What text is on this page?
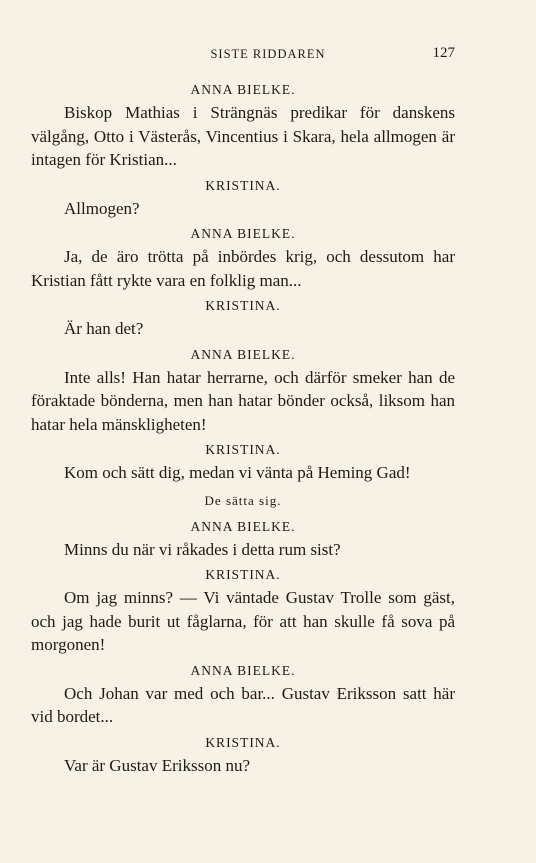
SISTE RIDDAREN	127
ANNA BIELKE.

Biskop Mathias i Strängnäs predikar för danskens välgång, Otto i Västerås, Vincentius i Skara, hela allmogen är intagen för Kristian...

KRISTINA.

Allmogen?

ANNA BIELKE.

Ja, de äro trötta på inbördes krig, och dessutom har Kristian fått rykte vara en folklig man...

KRISTINA.

Är han det?

ANNA BIELKE.

Inte alls! Han hatar herrarne, och därför smeker han de föraktade bönderna, men han hatar bönder också, liksom han hatar hela mänskligheten!

KRISTINA.

Kom och sätt dig, medan vi vänta på Heming Gad!

De sätta sig.
ANNA BIELKE.

Minns du när vi råkades i detta rum sist?

KRISTINA.

Om jag minns? — Vi väntade Gustav Trolle som gäst, och jag hade burit ut fåglarna, för att han skulle få sova på morgonen!

ANNA BIELKE.

Och Johan var med och bar... Gustav Eriksson satt här vid bordet...

KRISTINA.

Var är Gustav Eriksson nu?
